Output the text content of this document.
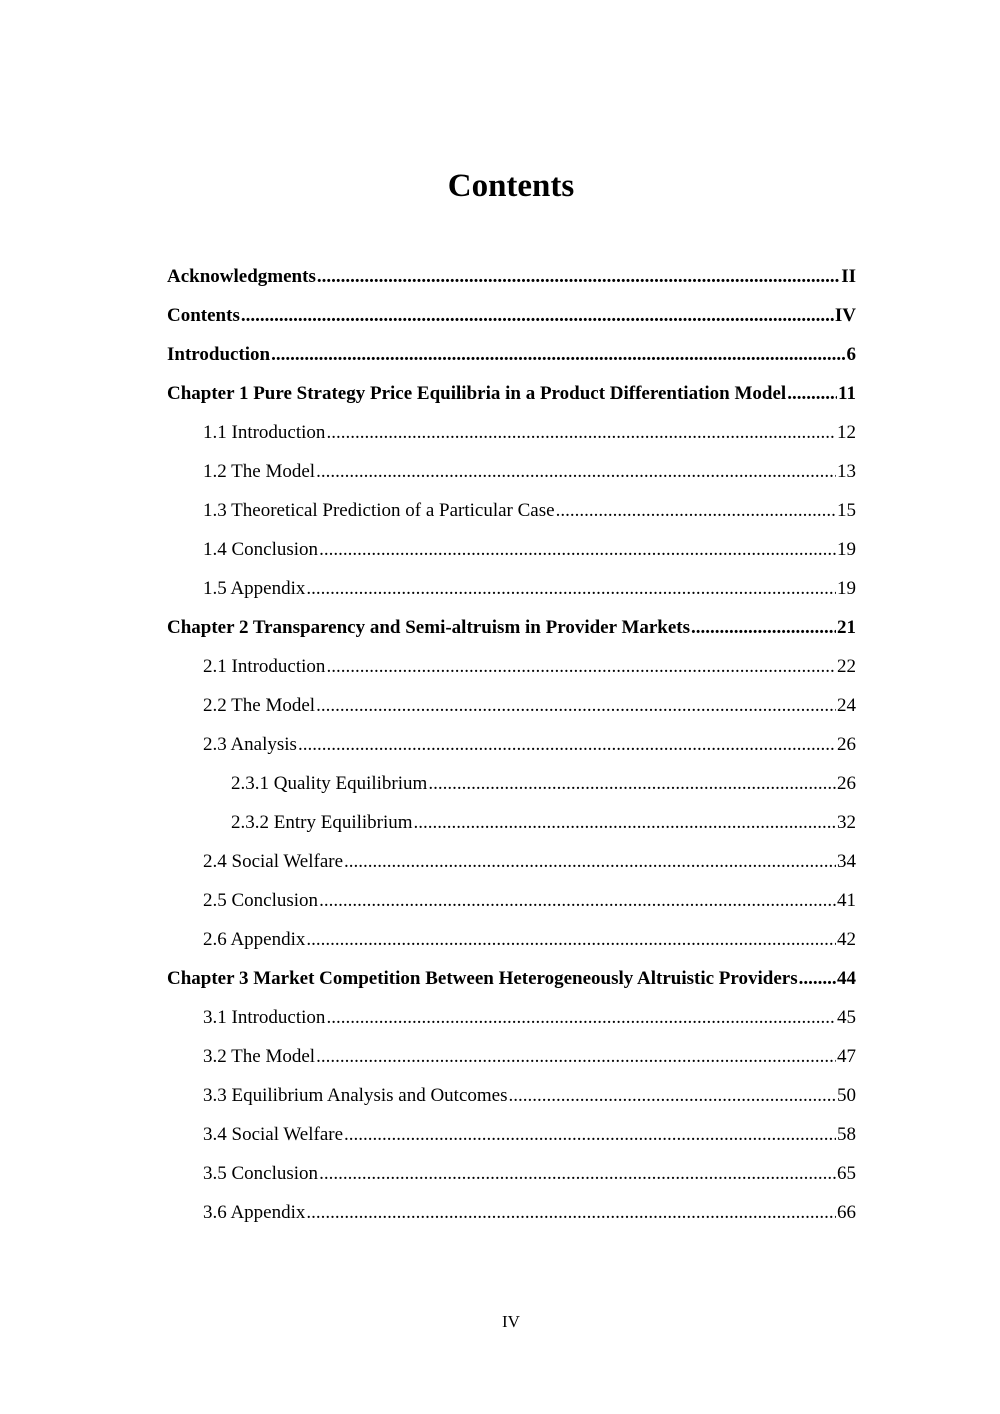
Contents
Acknowledgments .....	II
Contents .....	IV
Introduction .....	6
Chapter 1 Pure Strategy Price Equilibria in a Product Differentiation Model .....	11
1.1 Introduction .....	12
1.2 The Model .....	13
1.3 Theoretical Prediction of a Particular Case .....	15
1.4 Conclusion .....	19
1.5 Appendix .....	19
Chapter 2 Transparency and Semi-altruism in Provider Markets .....	21
2.1 Introduction .....	22
2.2 The Model .....	24
2.3 Analysis .....	26
2.3.1 Quality Equilibrium .....	26
2.3.2 Entry Equilibrium .....	32
2.4 Social Welfare .....	34
2.5 Conclusion .....	41
2.6 Appendix .....	42
Chapter 3 Market Competition Between Heterogeneously Altruistic Providers ..... 44
3.1 Introduction .....	45
3.2 The Model .....	47
3.3 Equilibrium Analysis and Outcomes .....	50
3.4 Social Welfare .....	58
3.5 Conclusion .....	65
3.6 Appendix .....	66
IV
